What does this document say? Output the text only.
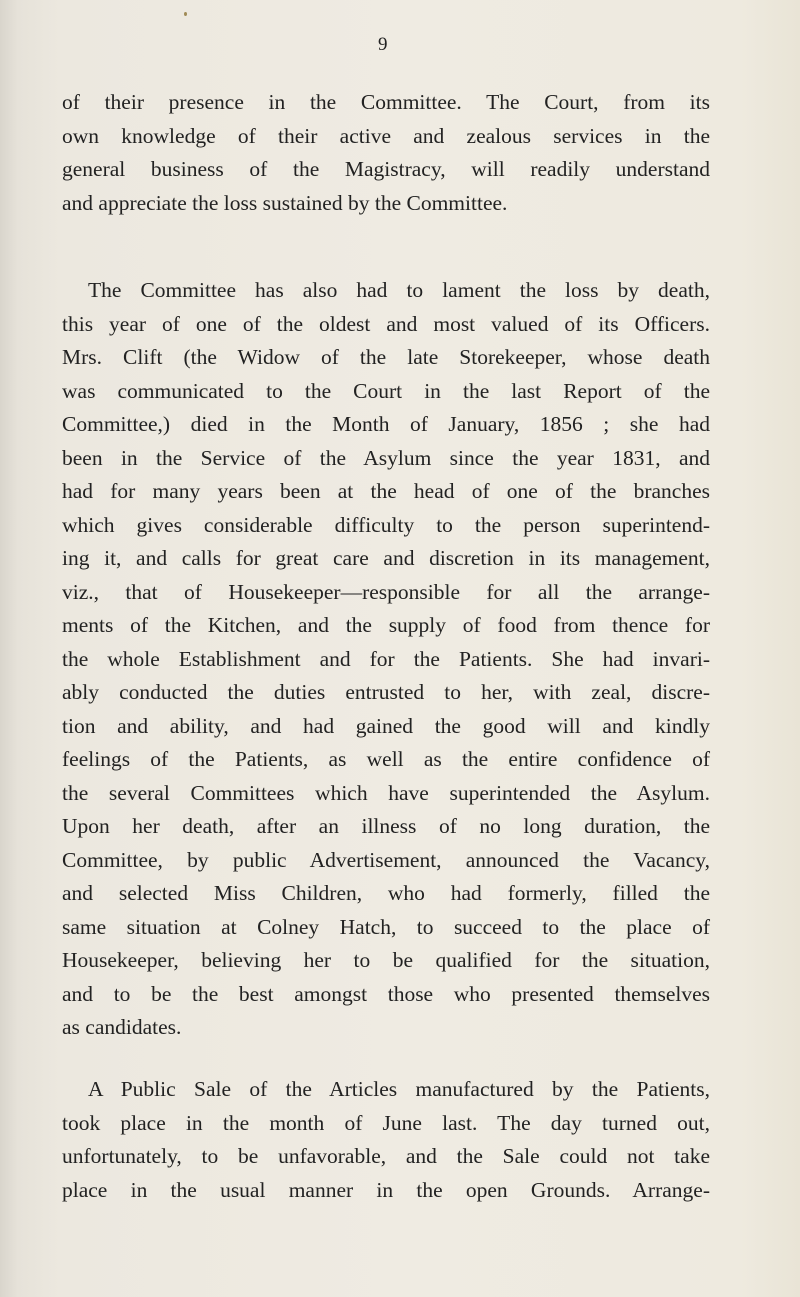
9
of their presence in the Committee. The Court, from its
own knowledge of their active and zealous services in the
general business of the Magistracy, will readily understand
and appreciate the loss sustained by the Committee.
The Committee has also had to lament the loss by death,
this year of one of the oldest and most valued of its Officers.
Mrs. Clift (the Widow of the late Storekeeper, whose death
was communicated to the Court in the last Report of the
Committee,) died in the Month of January, 1856 ; she had
been in the Service of the Asylum since the year 1831, and
had for many years been at the head of one of the branches
which gives considerable difficulty to the person superintend-
ing it, and calls for great care and discretion in its management,
viz., that of Housekeeper—responsible for all the arrange-
ments of the Kitchen, and the supply of food from thence for
the whole Establishment and for the Patients. She had invari-
ably conducted the duties entrusted to her, with zeal, discre-
tion and ability, and had gained the good will and kindly
feelings of the Patients, as well as the entire confidence of
the several Committees which have superintended the Asylum.
Upon her death, after an illness of no long duration, the
Committee, by public Advertisement, announced the Vacancy,
and selected Miss Children, who had formerly, filled the
same situation at Colney Hatch, to succeed to the place of
Housekeeper, believing her to be qualified for the situation,
and to be the best amongst those who presented themselves
as candidates.
A Public Sale of the Articles manufactured by the Patients,
took place in the month of June last. The day turned out,
unfortunately, to be unfavorable, and the Sale could not take
place in the usual manner in the open Grounds. Arrange-
